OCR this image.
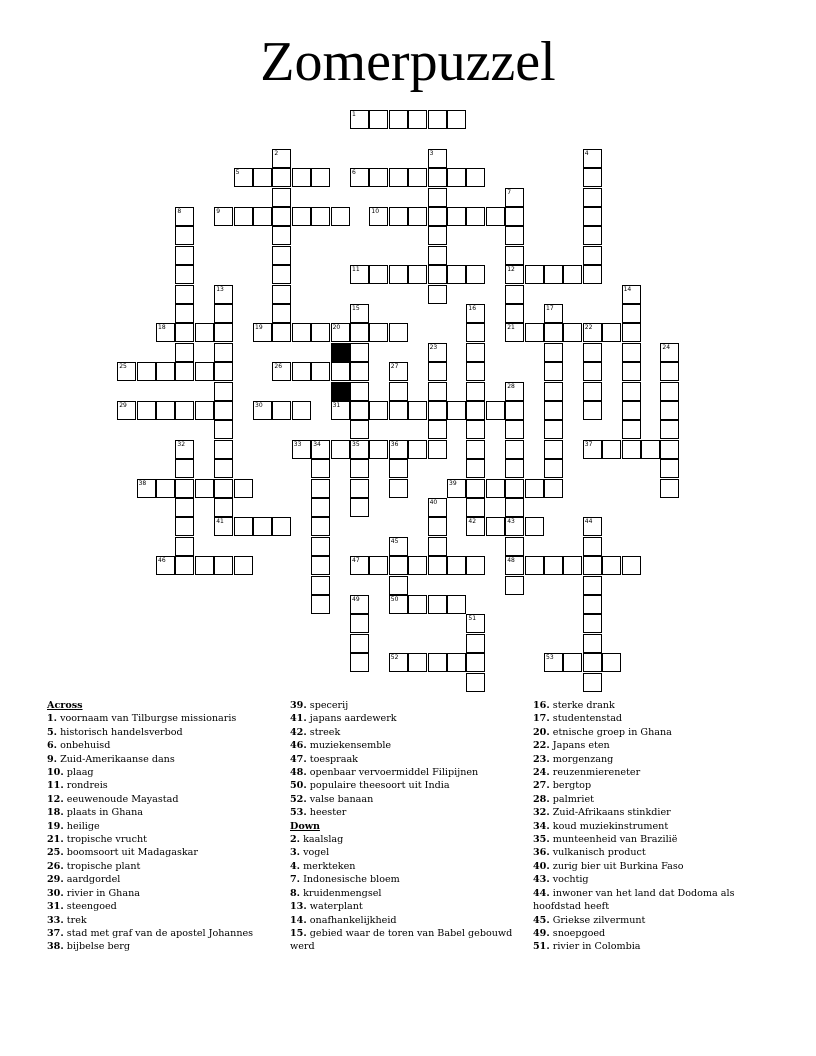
Zomerpuzzel
1
5	6
9	10
11	12
18	19	20	21	22
25	26
29	30	31
33 34	35	36	37
38	39
41	42	43
46	47	48
50
52	53
2	3	4
7
8
13	14
15	16	17
23	24
27
28
32
40
44
45
49
51
Across
1. voornaam van Tilburgse missionaris
5. historisch handelsverbod
6. onbehuisd
9. Zuid-Amerikaanse dans
10. plaag
11. rondreis
12. eeuwenoude Mayastad
18. plaats in Ghana
19. heilige
21. tropische vrucht
25. boomsoort uit Madagaskar
26. tropische plant
29. aardgordel
30. rivier in Ghana
31. steengoed
33. trek
37. stad met graf van de apostel Johannes
38. bijbelse berg
39. specerij
41. japans aardewerk
42. streek
46. muziekensemble
47. toespraak
48. openbaar vervoermiddel Filipijnen
50. populaire theesoort uit India
52. valse banaan
53. heester
Down
2. kaalslag
3. vogel
4. merkteken
7. Indonesische bloem
8. kruidenmengsel
13. waterplant
14. onafhankelijkheid
15. gebied waar de toren van Babel gebouwd werd
16. sterke drank
17. studentenstad
20. etnische groep in Ghana
22. Japans eten
23. morgenzang
24. reuzenmiereneter
27. bergtop
28. palmriet
32. Zuid-Afrikaans stinkdier
34. koud muziekinstrument
35. munteenheid van Brazilië
36. vulkanisch product
40. zurig bier uit Burkina Faso
43. vochtig
44. inwoner van het land dat Dodoma als hoofdstad heeft
45. Griekse zilvermunt
49. snoepgoed
51. rivier in Colombia
